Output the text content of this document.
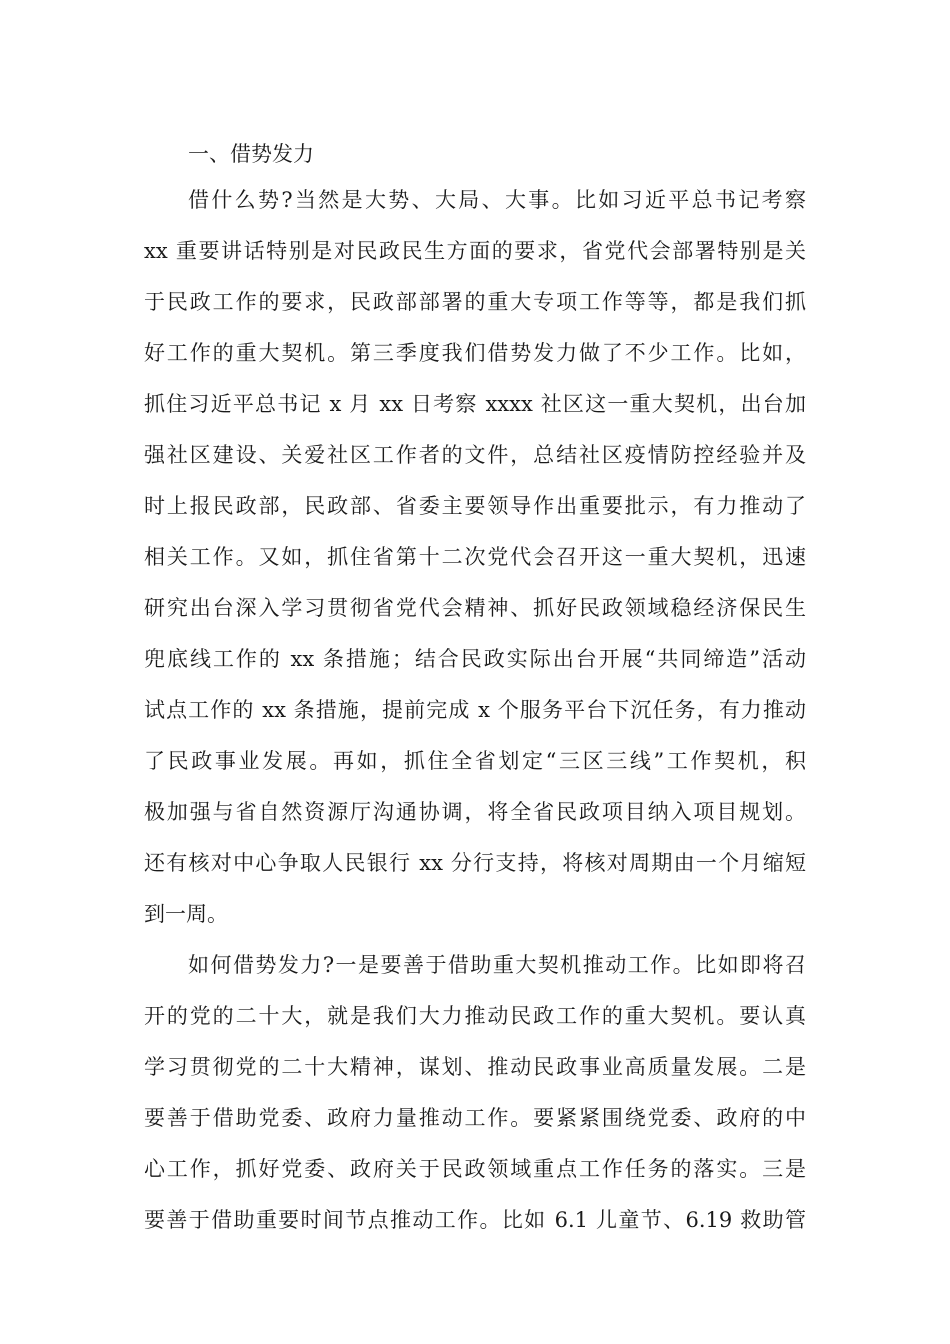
一、借势发力
借什么势?当然是大势、大局、大事。比如习近平总书记考察
xx 重要讲话特别是对民政民生方面的要求，省党代会部署特别是关
于民政工作的要求，民政部部署的重大专项工作等等，都是我们抓
好工作的重大契机。第三季度我们借势发力做了不少工作。比如，
抓住习近平总书记 x 月 xx 日考察 xxxx 社区这一重大契机，出台加
强社区建设、关爱社区工作者的文件，总结社区疫情防控经验并及
时上报民政部，民政部、省委主要领导作出重要批示，有力推动了
相关工作。又如，抓住省第十二次党代会召开这一重大契机，迅速
研究出台深入学习贯彻省党代会精神、抓好民政领域稳经济保民生
兜底线工作的 xx 条措施；结合民政实际出台开展“共同缔造”活动
试点工作的 xx 条措施，提前完成 x 个服务平台下沉任务，有力推动
了民政事业发展。再如，抓住全省划定“三区三线”工作契机，积
极加强与省自然资源厅沟通协调，将全省民政项目纳入项目规划。
还有核对中心争取人民银行 xx 分行支持，将核对周期由一个月缩短
到一周。
如何借势发力?一是要善于借助重大契机推动工作。比如即将召
开的党的二十大，就是我们大力推动民政工作的重大契机。要认真
学习贯彻党的二十大精神，谋划、推动民政事业高质量发展。二是
要善于借助党委、政府力量推动工作。要紧紧围绕党委、政府的中
心工作，抓好党委、政府关于民政领域重点工作任务的落实。三是
要善于借助重要时间节点推动工作。比如 6.1 儿童节、6.19 救助管
